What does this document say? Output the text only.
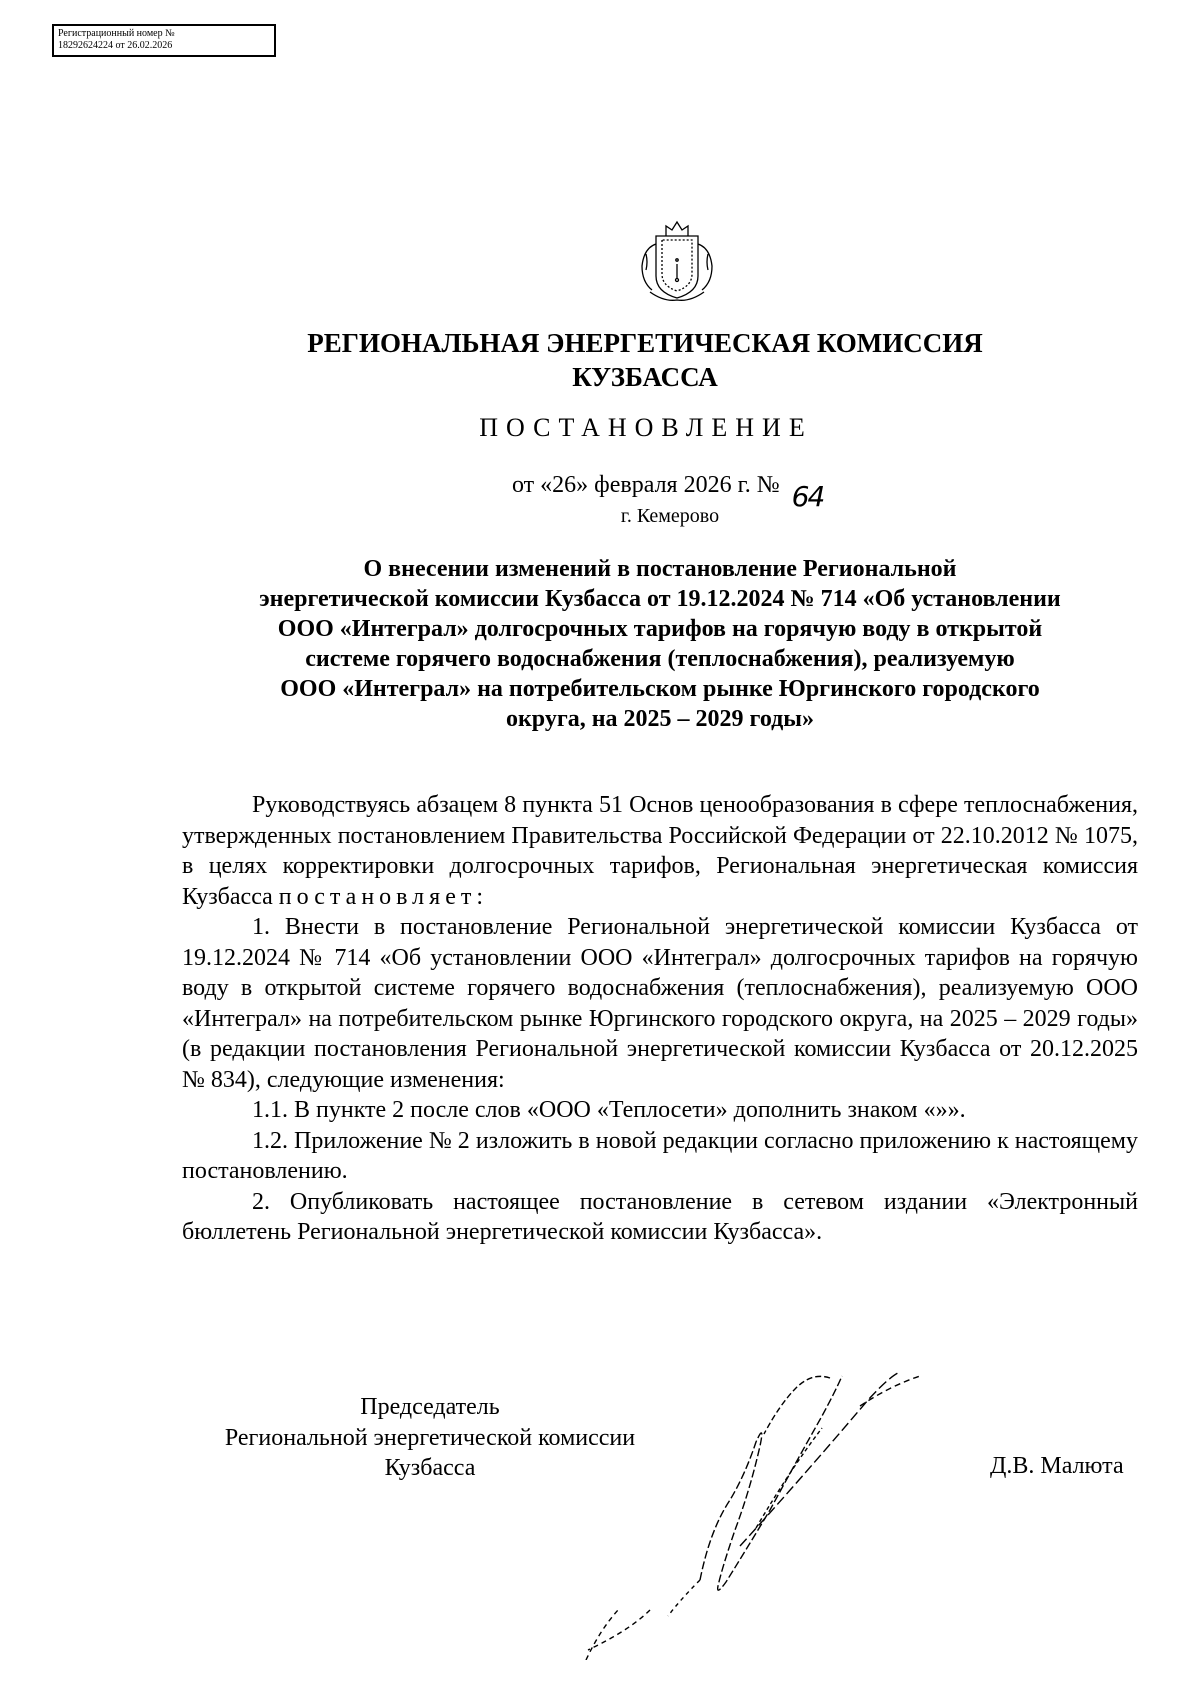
Регистрационный номер №
18292624224 от 26.02.2026
РЕГИОНАЛЬНАЯ ЭНЕРГЕТИЧЕСКАЯ КОМИССИЯ
КУЗБАССА
ПОСТАНОВЛЕНИЕ
от «26» февраля 2026 г. № 64
г. Кемерово
О внесении изменений в постановление Региональной
энергетической комиссии Кузбасса от 19.12.2024 № 714 «Об установлении
ООО «Интеграл» долгосрочных тарифов на горячую воду в открытой
системе горячего водоснабжения (теплоснабжения), реализуемую
ООО «Интеграл» на потребительском рынке Юргинского городского
округа, на 2025 – 2029 годы»

Руководствуясь абзацем 8 пункта 51 Основ ценообразования в сфере теплоснабжения, утвержденных постановлением Правительства Российской Федерации от 22.10.2012 № 1075, в целях корректировки долгосрочных тарифов, Региональная энергетическая комиссия Кузбасса постановляет:

1. Внести в постановление Региональной энергетической комиссии Кузбасса от 19.12.2024 № 714 «Об установлении ООО «Интеграл» долгосрочных тарифов на горячую воду в открытой системе горячего водоснабжения (теплоснабжения), реализуемую ООО «Интеграл» на потребительском рынке Юргинского городского округа, на 2025 – 2029 годы» (в редакции постановления Региональной энергетической комиссии Кузбасса от 20.12.2025 № 834), следующие изменения:

1.1. В пункте 2 после слов «ООО «Теплосети» дополнить знаком «»».

1.2. Приложение № 2 изложить в новой редакции согласно приложению к настоящему постановлению.

2. Опубликовать настоящее постановление в сетевом издании «Электронный бюллетень Региональной энергетической комиссии Кузбасса».

Председатель
Региональной энергетической комиссии
Кузбасса	Д.В. Малюта
